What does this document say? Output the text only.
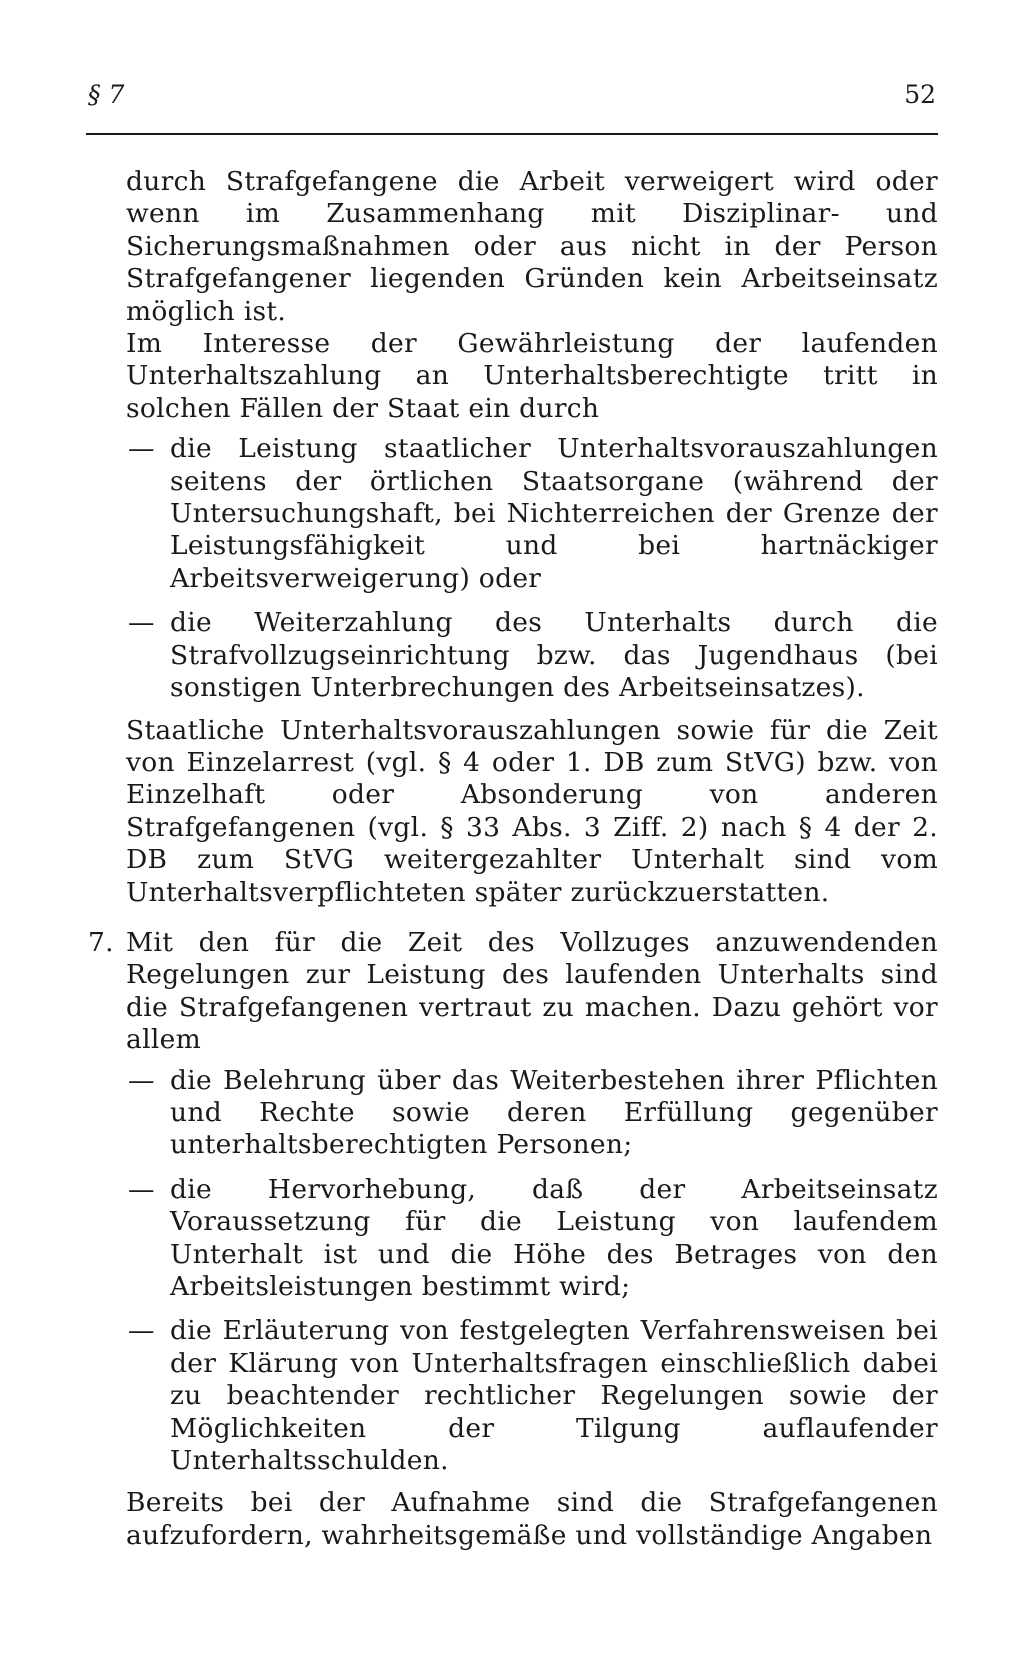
§ 7	52

durch Strafgefangene die Arbeit verweigert wird oder wenn im Zusammenhang mit Disziplinar- und Sicherungsmaßnahmen oder aus nicht in der Person Strafgefangener liegenden Gründen kein Arbeitseinsatz möglich ist.

Im Interesse der Gewährleistung der laufenden Unterhaltszahlung an Unterhaltsberechtigte tritt in solchen Fällen der Staat ein durch

— die Leistung staatlicher Unterhaltsvorauszahlungen seitens der örtlichen Staatsorgane (während der Untersuchungshaft, bei Nichterreichen der Grenze der Leistungsfähigkeit und bei hartnäckiger Arbeitsverweigerung) oder
— die Weiterzahlung des Unterhalts durch die Strafvollzugseinrichtung bzw. das Jugendhaus (bei sonstigen Unterbrechungen des Arbeitseinsatzes).

Staatliche Unterhaltsvorauszahlungen sowie für die Zeit von Einzelarrest (vgl. § 4 oder 1. DB zum StVG) bzw. von Einzelhaft oder Absonderung von anderen Strafgefangenen (vgl. § 33 Abs. 3 Ziff. 2) nach § 4 der 2. DB zum StVG weitergezahlter Unterhalt sind vom Unterhaltsverpflichteten später zurückzuerstatten.

7. Mit den für die Zeit des Vollzuges anzuwendenden Regelungen zur Leistung des laufenden Unterhalts sind die Strafgefangenen vertraut zu machen. Dazu gehört vor allem
— die Belehrung über das Weiterbestehen ihrer Pflichten und Rechte sowie deren Erfüllung gegenüber unterhaltsberechtigten Personen;
— die Hervorhebung, daß der Arbeitseinsatz Voraussetzung für die Leistung von laufendem Unterhalt ist und die Höhe des Betrages von den Arbeitsleistungen bestimmt wird;
— die Erläuterung von festgelegten Verfahrensweisen bei der Klärung von Unterhaltsfragen einschließlich dabei zu beachtender rechtlicher Regelungen sowie der Möglichkeiten der Tilgung auflaufender Unterhaltsschulden.

Bereits bei der Aufnahme sind die Strafgefangenen aufzufordern, wahrheitsgemäße und vollständige Angaben
